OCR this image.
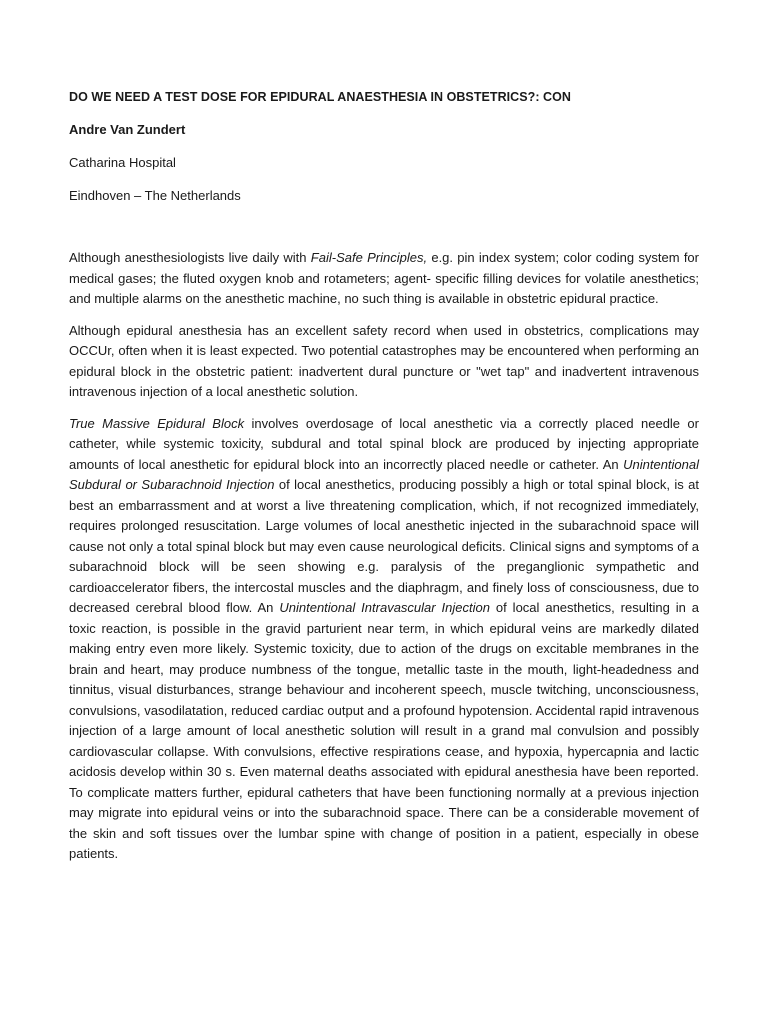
DO WE NEED A TEST DOSE FOR EPIDURAL ANAESTHESIA IN OBSTETRICS?: CON
Andre Van Zundert
Catharina Hospital
Eindhoven – The Netherlands

Although anesthesiologists live daily with Fail-Safe Principles, e.g. pin index system; color coding system for medical gases; the fluted oxygen knob and rotameters; agent- specific filling devices for volatile anesthetics; and multiple alarms on the anesthetic machine, no such thing is available in obstetric epidural practice.

Although epidural anesthesia has an excellent safety record when used in obstetrics, complications may OCCUr, often when it is least expected. Two potential catastrophes may be encountered when performing an epidural block in the obstetric patient: inadvertent dural puncture or "wet tap" and inadvertent intravenous intravenous injection of a local anesthetic solution.

True Massive Epidural Block involves overdosage of local anesthetic via a correctly placed needle or catheter, while systemic toxicity, subdural and total spinal block are produced by injecting appropriate amounts of local anesthetic for epidural block into an incorrectly placed needle or catheter. An Unintentional Subdural or Subarachnoid Injection of local anesthetics, producing possibly a high or total spinal block, is at best an embarrassment and at worst a live threatening complication, which, if not recognized immediately, requires prolonged resuscitation. Large volumes of local anesthetic injected in the subarachnoid space will cause not only a total spinal block but may even cause neurological deficits. Clinical signs and symptoms of a subarachnoid block will be seen showing e.g. paralysis of the preganglionic sympathetic and cardioaccelerator fibers, the intercostal muscles and the diaphragm, and finely loss of consciousness, due to decreased cerebral blood flow. An Unintentional Intravascular Injection of local anesthetics, resulting in a toxic reaction, is possible in the gravid parturient near term, in which epidural veins are markedly dilated making entry even more likely. Systemic toxicity, due to action of the drugs on excitable membranes in the brain and heart, may produce numbness of the tongue, metallic taste in the mouth, light-headedness and tinnitus, visual disturbances, strange behaviour and incoherent speech, muscle twitching, unconsciousness, convulsions, vasodilatation, reduced cardiac output and a profound hypotension. Accidental rapid intravenous injection of a large amount of local anesthetic solution will result in a grand mal convulsion and possibly cardiovascular collapse. With convulsions, effective respirations cease, and hypoxia, hypercapnia and lactic acidosis develop within 30 s. Even maternal deaths associated with epidural anesthesia have been reported. To complicate matters further, epidural catheters that have been functioning normally at a previous injection may migrate into epidural veins or into the subarachnoid space. There can be a considerable movement of the skin and soft tissues over the lumbar spine with change of position in a patient, especially in obese patients.
